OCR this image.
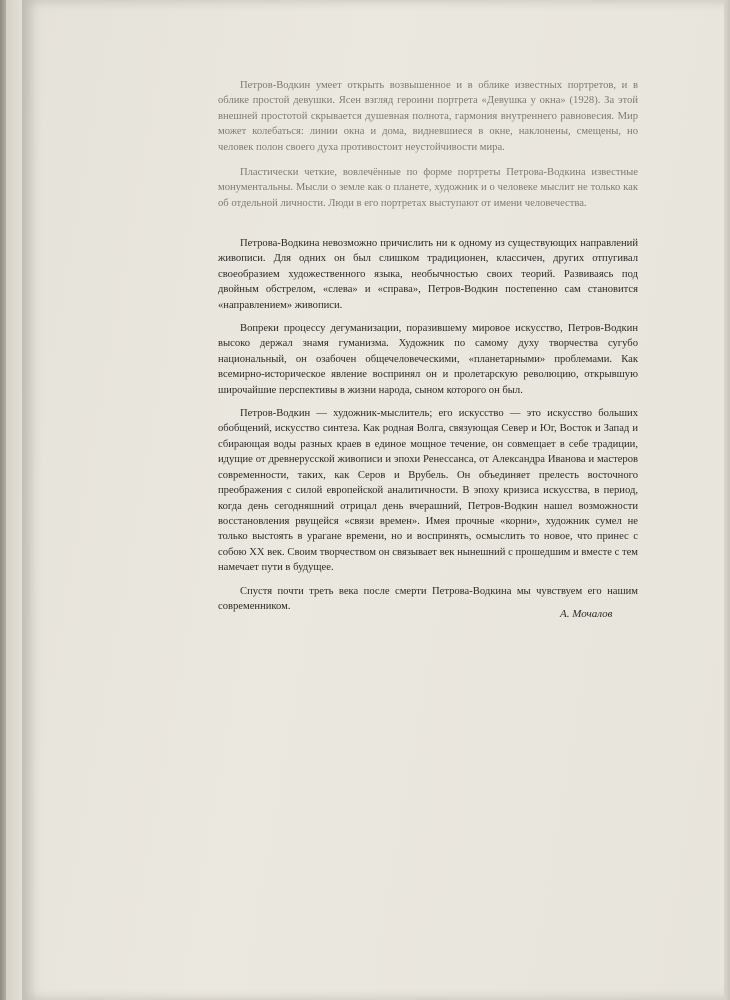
Петров-Водкин умеет открыть возвышенное и в облике известных портретов, и в облике простой девушки. Ясен взгляд героини портрета «Девушка у окна» (1928). За этой внешней простотой скрывается душевная полнота, гармония внутреннего равновесия. Мир может колебаться: линии окна и дома, видневшиеся в окне, наклонены, смещены, но человек полон своего духа противостоит неустойчивости мира.

Пластически четкие, вовлечённые по форме портреты Петрова-Водкина известные монументальны. Мысли о земле как о планете, художник и о человеке мыслит не только как об отдельной личности. Люди в его портретах выступают от имени человечества.

Петрова-Водкина невозможно причислить ни к одному из существующих направлений живописи. Для одних он был слишком традиционен, классичен, других отпугивал своеобразием художественного языка, необычностью своих теорий. Развиваясь под двойным обстрелом, «слева» и «справа», Петров-Водкин постепенно сам становится «направлением» живописи.

Вопреки процессу дегуманизации, поразившему мировое искусство, Петров-Водкин высоко держал знамя гуманизма. Художник по самому духу творчества сугубо национальный, он озабочен общечеловеческими, «планетарными» проблемами. Как всемирно-историческое явление воспринял он и пролетарскую революцию, открывшую широчайшие перспективы в жизни народа, сыном которого он был.

Петров-Водкин — художник-мыслитель; его искусство — это искусство больших обобщений, искусство синтеза. Как родная Волга, связующая Север и Юг, Восток и Запад и сбирающая воды разных краев в единое мощное течение, он совмещает в себе традиции, идущие от древнерусской живописи и эпохи Ренессанса, от Александра Иванова и мастеров современности, таких, как Серов и Врубель. Он объединяет прелесть восточного преображения с силой европейской аналитичности. В эпоху кризиса искусства, в период, когда день сегодняшний отрицал день вчерашний, Петров-Водкин нашел возможности восстановления рвущейся «связи времен». Имея прочные «корни», художник сумел не только выстоять в урагане времени, но и воспринять, осмыслить то новое, что принес с собою XX век. Своим творчеством он связывает век нынешний с прошедшим и вместе с тем намечает пути в будущее.

Спустя почти треть века после смерти Петрова-Водкина мы чувствуем его нашим современником.

А. Мочалов
